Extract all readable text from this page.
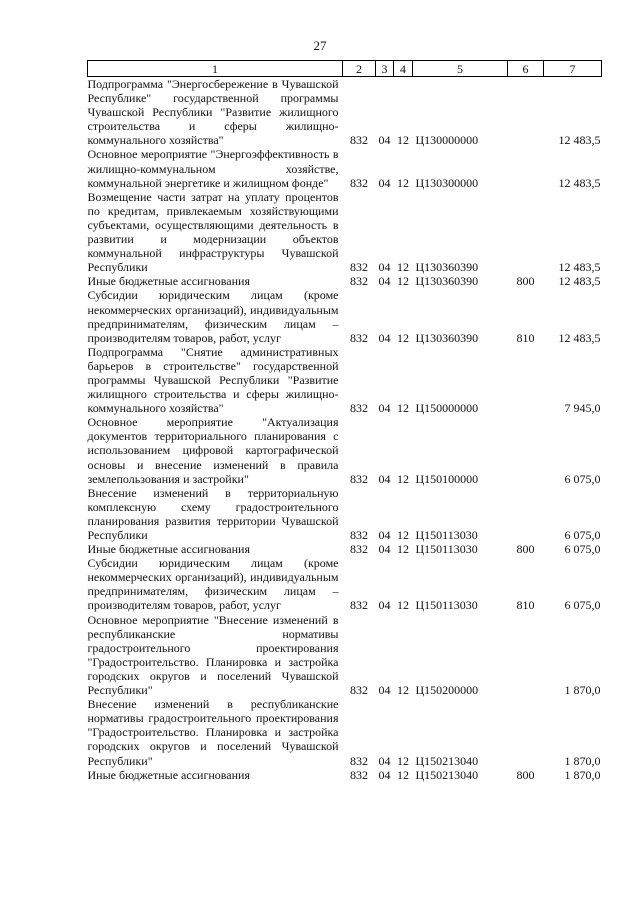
27
1	2	3	4	5	6	7
Подпрограмма "Энергосбережение в Чувашской Республике" государственной программы Чувашской Республики "Развитие жилищного строительства и сферы жилищно-коммунального хозяйства"	832	04	12	Ц130000000		12 483,5
Основное мероприятие "Энергоэффективность в жилищно-коммунальном хозяйстве, коммунальной энергетике и жилищном фонде"	832	04	12	Ц130300000		12 483,5
Возмещение части затрат на уплату процентов по кредитам, привлекаемым хозяйствующими субъектами, осуществляющими деятельность в развитии и модернизации объектов коммунальной инфраструктуры Чувашской Республики	832	04	12	Ц130360390		12 483,5
Иные бюджетные ассигнования	832	04	12	Ц130360390	800	12 483,5
Субсидии юридическим лицам (кроме некоммерческих организаций), индивидуальным предпринимателям, физическим лицам – производителям товаров, работ, услуг	832	04	12	Ц130360390	810	12 483,5
Подпрограмма "Снятие административных барьеров в строительстве" государственной программы Чувашской Республики "Развитие жилищного строительства и сферы жилищно-коммунального хозяйства"	832	04	12	Ц150000000		7 945,0
Основное мероприятие "Актуализация документов территориального планирования с использованием цифровой картографической основы и внесение изменений в правила землепользования и застройки"	832	04	12	Ц150100000		6 075,0
Внесение изменений в территориальную комплексную схему градостроительного планирования развития территории Чувашской Республики	832	04	12	Ц150113030		6 075,0
Иные бюджетные ассигнования	832	04	12	Ц150113030	800	6 075,0
Субсидии юридическим лицам (кроме некоммерческих организаций), индивидуальным предпринимателям, физическим лицам – производителям товаров, работ, услуг	832	04	12	Ц150113030	810	6 075,0
Основное мероприятие "Внесение изменений в республиканские нормативы градостроительного проектирования "Градостроительство. Планировка и застройка городских округов и поселений Чувашской Республики"	832	04	12	Ц150200000		1 870,0
Внесение изменений в республиканские нормативы градостроительного проектирования "Градостроительство. Планировка и застройка городских округов и поселений Чувашской Республики"	832	04	12	Ц150213040		1 870,0
Иные бюджетные ассигнования	832	04	12	Ц150213040	800	1 870,0
